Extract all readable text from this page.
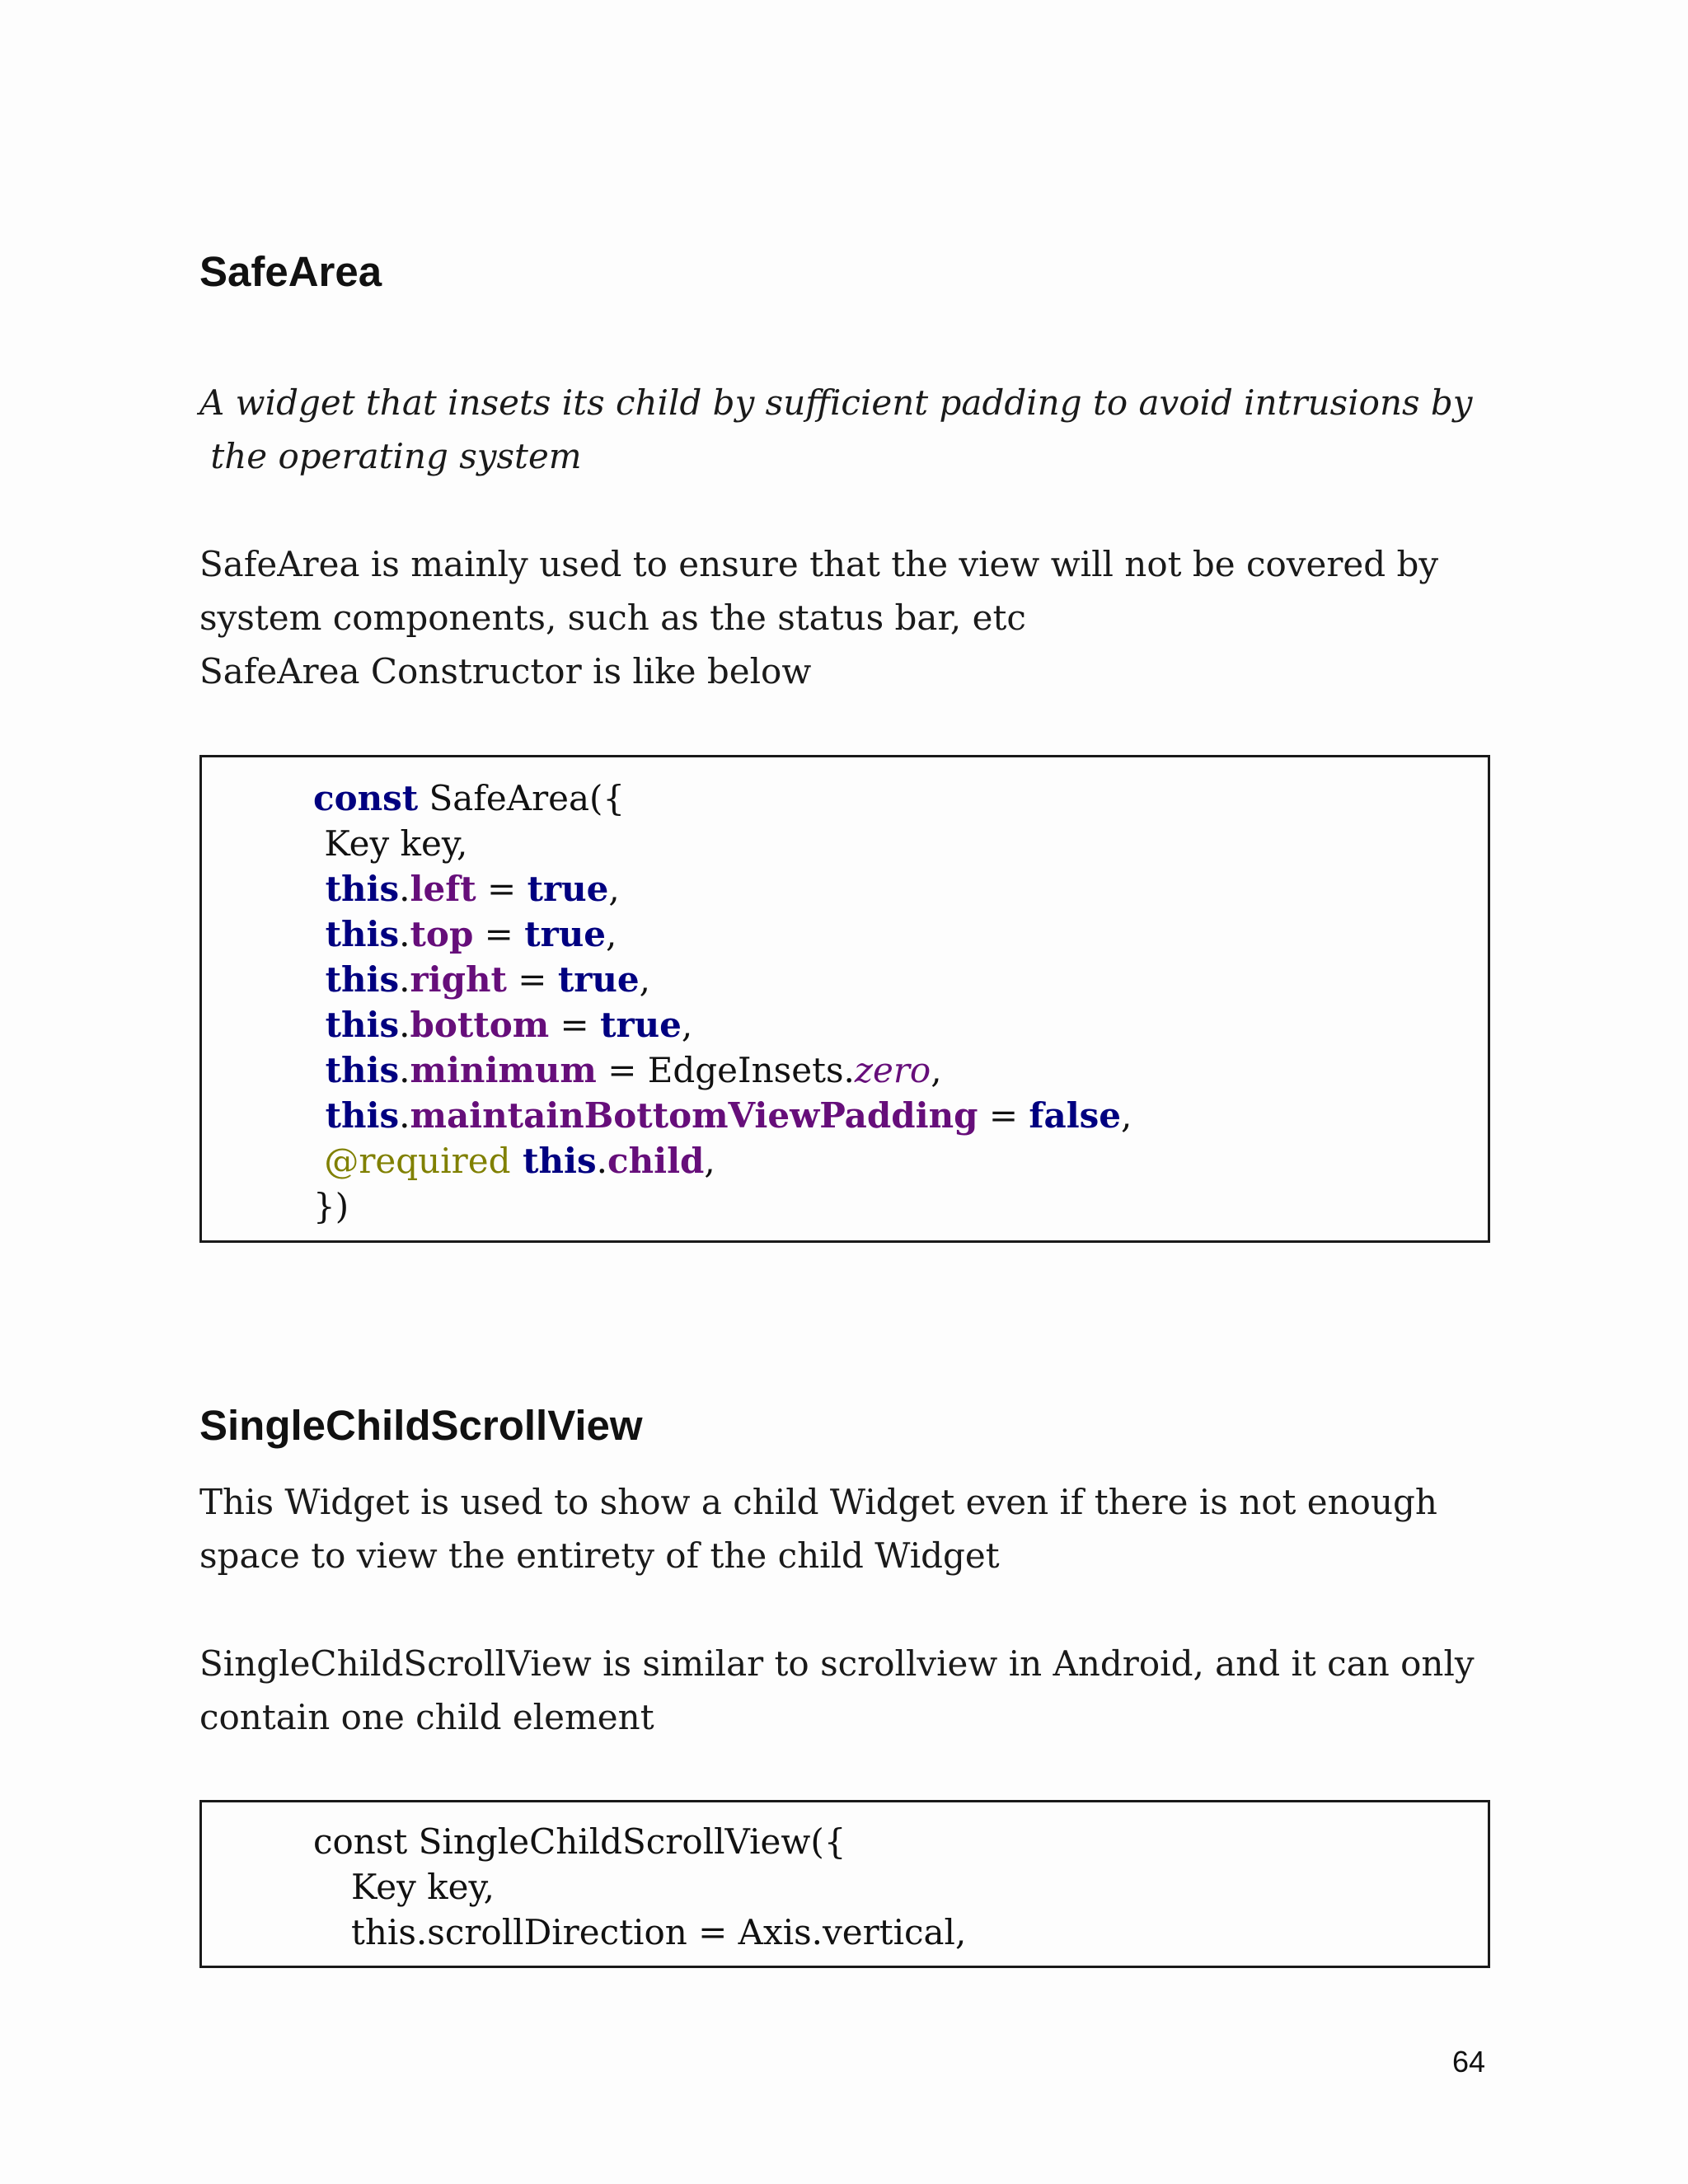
SafeArea

A widget that insets its child by sufficient padding to avoid intrusions by
the operating system

SafeArea is mainly used to ensure that the view will not be covered by
system components, such as the status bar, etc
SafeArea Constructor is like below

const SafeArea({
Key key,
this.left = true,
this.top = true,
this.right = true,
this.bottom = true,
this.minimum = EdgeInsets.zero,
this.maintainBottomViewPadding = false,
@required this.child,
})
SingleChildScrollView

This Widget is used to show a child Widget even if there is not enough
space to view the entirety of the child Widget

SingleChildScrollView is similar to scrollview in Android, and it can only
contain one child element

const SingleChildScrollView({
Key key,
this.scrollDirection = Axis.vertical,
64
